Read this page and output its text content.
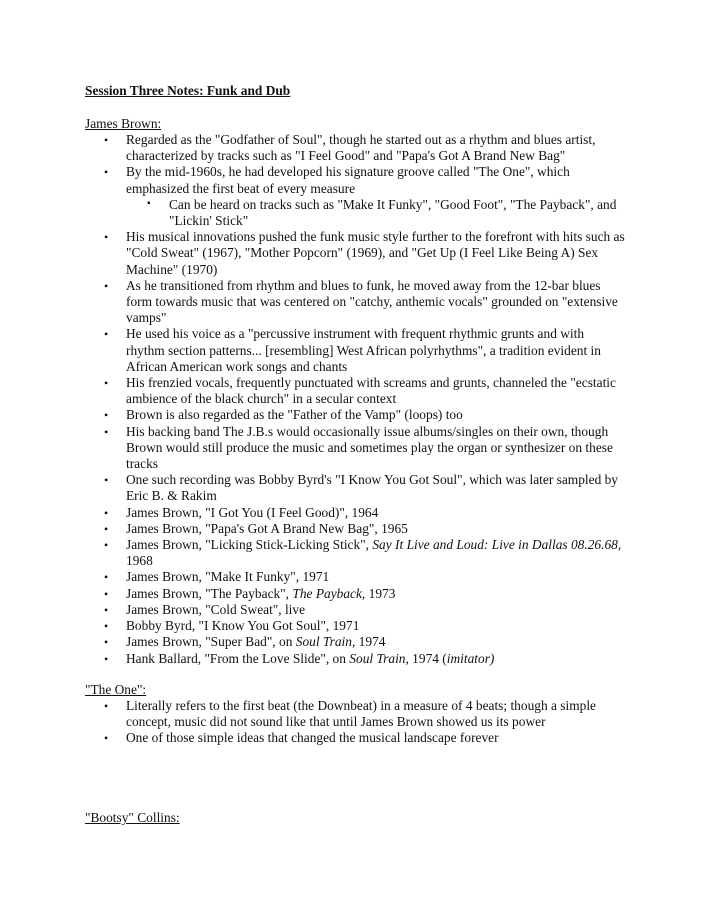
Session Three Notes: Funk and Dub
James Brown:
• Regarded as the "Godfather of Soul", though he started out as a rhythm and blues artist, characterized by tracks such as "I Feel Good" and "Papa's Got A Brand New Bag"
• By the mid-1960s, he had developed his signature groove called "The One", which emphasized the first beat of every measure
▪ Can be heard on tracks such as "Make It Funky", "Good Foot", "The Payback", and "Lickin' Stick"
• His musical innovations pushed the funk music style further to the forefront with hits such as "Cold Sweat" (1967), "Mother Popcorn" (1969), and "Get Up (I Feel Like Being A) Sex Machine" (1970)
• As he transitioned from rhythm and blues to funk, he moved away from the 12-bar blues form towards music that was centered on "catchy, anthemic vocals" grounded on "extensive vamps"
• He used his voice as a "percussive instrument with frequent rhythmic grunts and with rhythm section patterns... [resembling] West African polyrhythms", a tradition evident in African American work songs and chants
• His frenzied vocals, frequently punctuated with screams and grunts, channeled the "ecstatic ambience of the black church" in a secular context
• Brown is also regarded as the "Father of the Vamp" (loops) too
• His backing band The J.B.s would occasionally issue albums/singles on their own, though Brown would still produce the music and sometimes play the organ or synthesizer on these tracks
• One such recording was Bobby Byrd's "I Know You Got Soul", which was later sampled by Eric B. & Rakim
• James Brown, "I Got You (I Feel Good)", 1964
• James Brown, "Papa's Got A Brand New Bag", 1965
• James Brown, "Licking Stick-Licking Stick", Say It Live and Loud: Live in Dallas 08.26.68, 1968
• James Brown, "Make It Funky", 1971
• James Brown, "The Payback", The Payback, 1973
• James Brown, "Cold Sweat", live
• Bobby Byrd, "I Know You Got Soul", 1971
• James Brown, "Super Bad", on Soul Train, 1974
• Hank Ballard, "From the Love Slide", on Soul Train, 1974 (imitator)
"The One":
• Literally refers to the first beat (the Downbeat) in a measure of 4 beats; though a simple concept, music did not sound like that until James Brown showed us its power
• One of those simple ideas that changed the musical landscape forever
"Bootsy" Collins:
